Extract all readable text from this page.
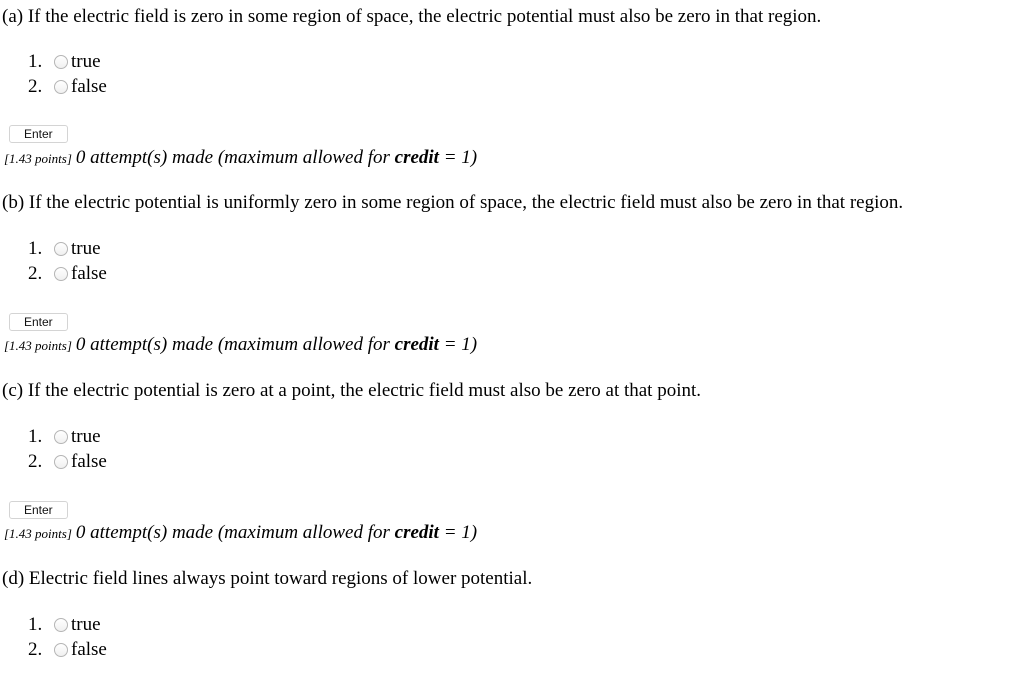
(a) If the electric field is zero in some region of space, the electric potential must also be zero in that region.
1.	true
2.	false
Enter
[1.43 points] 0 attempt(s) made (maximum allowed for credit = 1)
(b) If the electric potential is uniformly zero in some region of space, the electric field must also be zero in that region.
1.	true
2.	false
Enter
[1.43 points] 0 attempt(s) made (maximum allowed for credit = 1)
(c) If the electric potential is zero at a point, the electric field must also be zero at that point.
1.	true
2.	false
Enter
[1.43 points] 0 attempt(s) made (maximum allowed for credit = 1)
(d) Electric field lines always point toward regions of lower potential.
1.	true
2.	false
